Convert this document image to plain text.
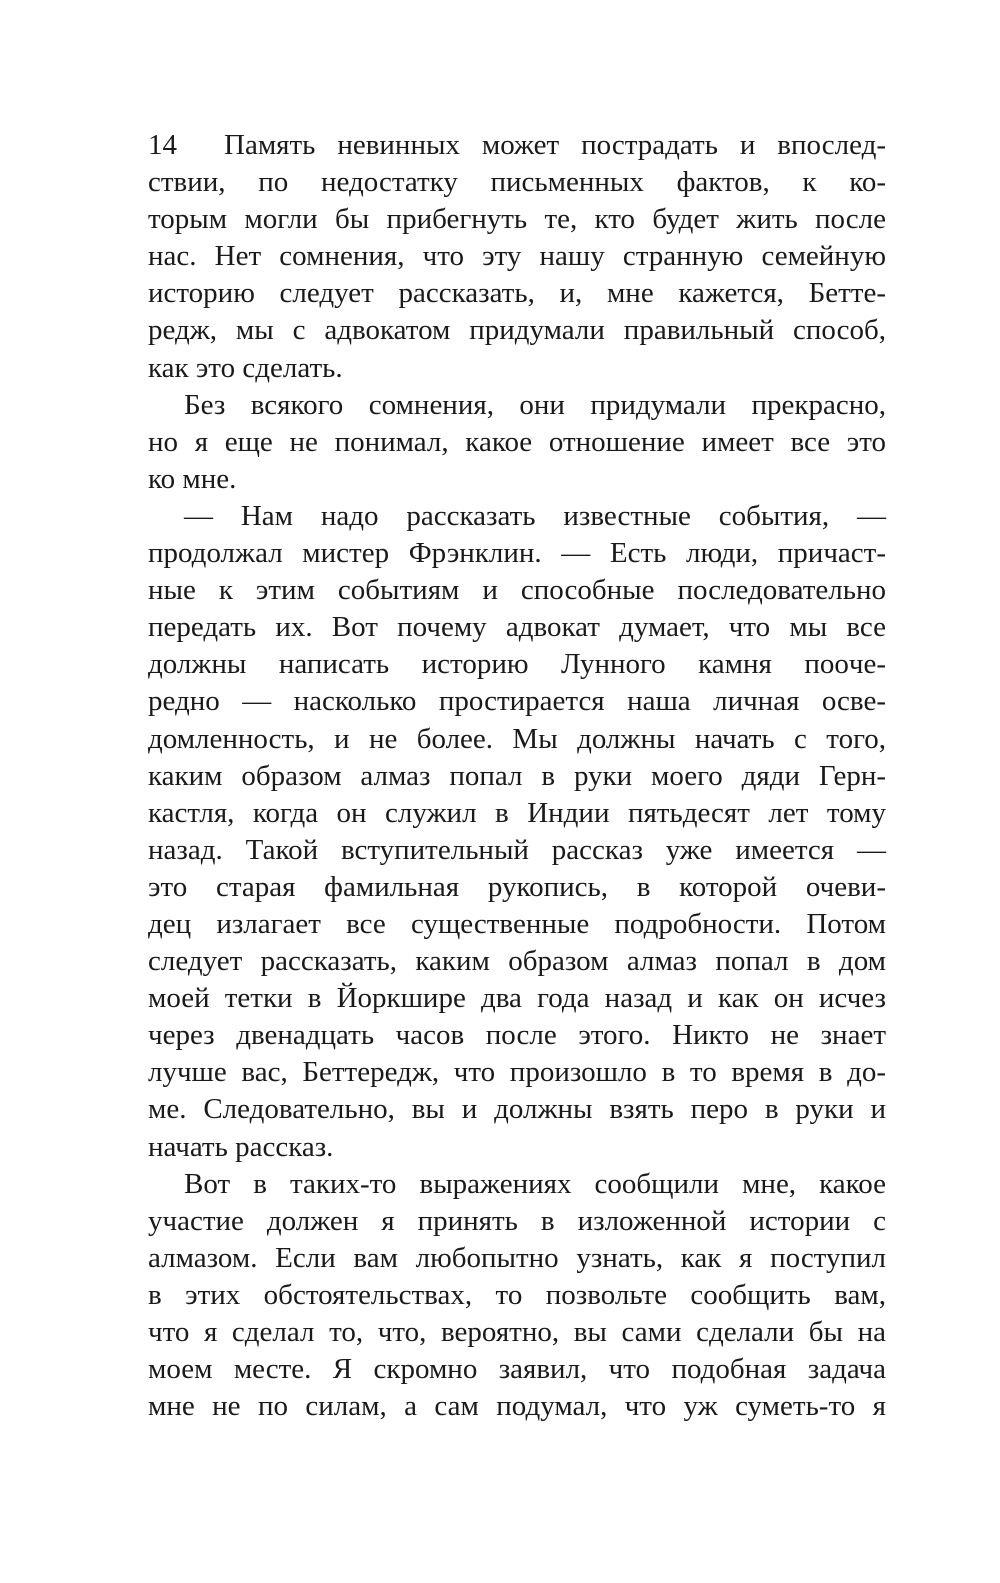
14	Память невинных может пострадать и впослед-
ствии, по недостатку письменных фактов, к ко-
торым могли бы прибегнуть те, кто будет жить после
нас. Нет сомнения, что эту нашу странную семейную
историю следует рассказать, и, мне кажется, Бетте-
редж, мы с адвокатом придумали правильный способ,
как это сделать.
Без всякого сомнения, они придумали прекрасно,
но я еще не понимал, какое отношение имеет все это
ко мне.
— Нам надо рассказать известные события, —
продолжал мистер Фрэнклин. — Есть люди, причаст-
ные к этим событиям и способные последовательно
передать их. Вот почему адвокат думает, что мы все
должны написать историю Лунного камня поoче-
редно — насколько простирается наша личная осве-
домленность, и не более. Мы должны начать с того,
каким образом алмаз попал в руки моего дяди Герн-
кастля, когда он служил в Индии пятьдесят лет тому
назад. Такой вступительный рассказ уже имеется —
это старая фамильная рукопись, в которой очеви-
дец излагает все существенные подробности. Потом
следует рассказать, каким образом алмаз попал в дом
моей тетки в Йоркшире два года назад и как он исчез
через двенадцать часов после этого. Никто не знает
лучше вас, Беттередж, что произошло в то время в до-
ме. Следовательно, вы и должны взять перо в руки и
начать рассказ.
Вот в таких-то выражениях сообщили мне, какое
участие должен я принять в изложенной истории с
алмазом. Если вам любопытно узнать, как я поступил
в этих обстоятельствах, то позвольте сообщить вам,
что я сделал то, что, вероятно, вы сами сделали бы на
моем месте. Я скромно заявил, что подобная задача
мне не по силам, а сам подумал, что уж суметь-то я
